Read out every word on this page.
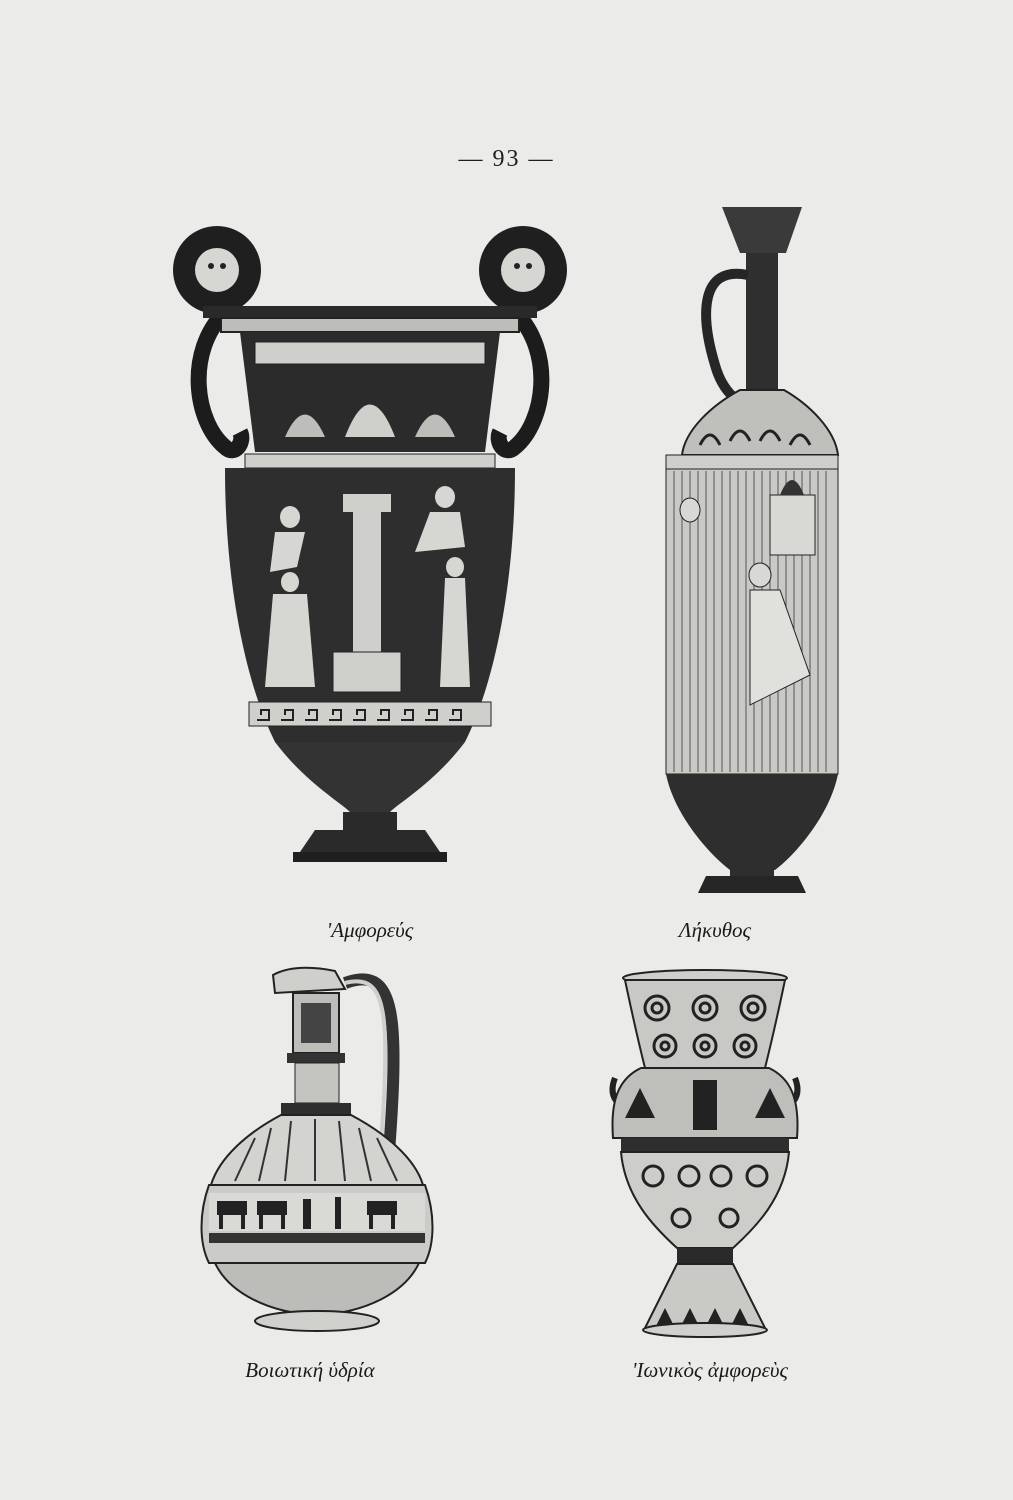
— 93 —
'Αμφορεύς	Λήκυθος
Βοιωτική ὑδρία	'Ιωνικὸς ἀμφορεὺς
